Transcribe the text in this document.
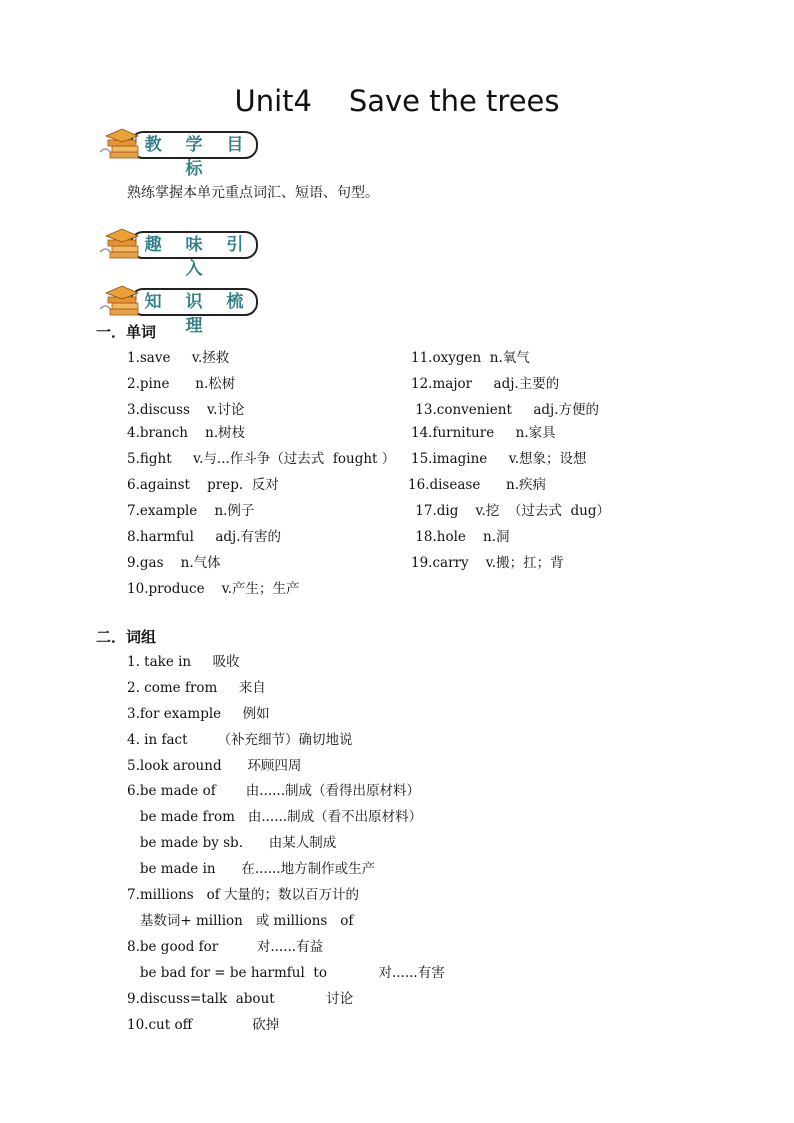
Unit4    Save the trees
教 学 目 标
趣 味 引 入
知 识 梳 理
熟练掌握本单元重点词汇、短语、句型。
一．单词
1.save     v.拯救
2.pine      n.松树
3.discuss    v.讨论
4.branch    n.树枝
5.fight     v.与...作斗争（过去式  fought ）
6.against    prep.  反对
7.example    n.例子
8.harmful     adj.有害的
9.gas    n.气体
10.produce    v.产生；生产
11.oxygen  n.氧气
12.major     adj.主要的
13.convenient     adj.方便的
14.furniture     n.家具
15.imagine     v.想象；设想
16.disease      n.疾病
17.dig    v.挖  （过去式  dug）
18.hole    n.洞
19.carry    v.搬；扛；背
二．词组
1. take in     吸收
2. come from     来自
3.for example     例如
4. in fact       （补充细节）确切地说
5.look around      环顾四周
6.be made of       由......制成（看得出原材料）
be made from   由......制成（看不出原材料）
be made by sb.      由某人制成
be made in      在......地方制作或生产
7.millions   of 大量的；数以百万计的
基数词+ million   或 millions   of
8.be good for         对......有益
be bad for = be harmful  to            对......有害
9.discuss=talk  about            讨论
10.cut off              砍掉
